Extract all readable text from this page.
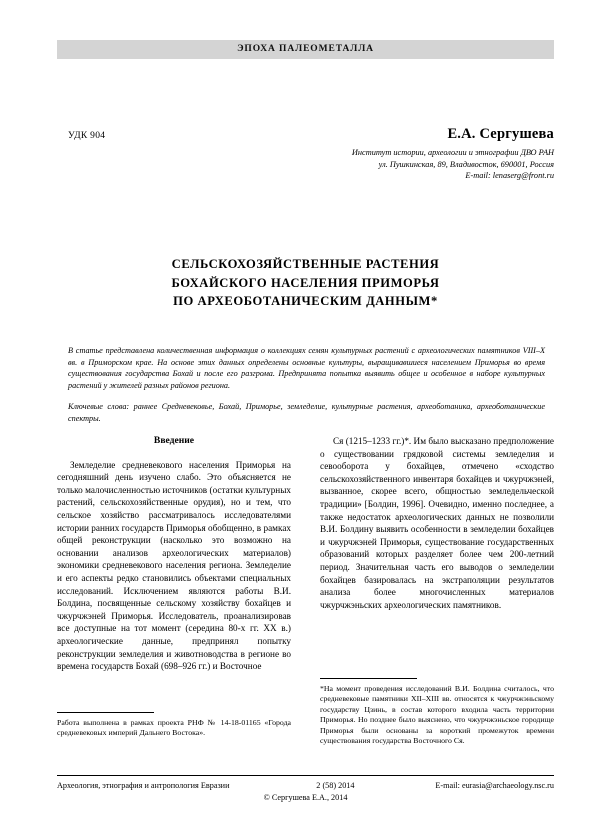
ЭПОХА ПАЛЕОМЕТАЛЛА
УДК 904	Е.А. Сергушева
Институт истории, археологии и этнографии ДВО РАН
ул. Пушкинская, 89, Владивосток, 690001, Россия
E-mail: lenaserg@front.ru
СЕЛЬСКОХОЗЯЙСТВЕННЫЕ РАСТЕНИЯ
БОХАЙСКОГО НАСЕЛЕНИЯ ПРИМОРЬЯ
ПО АРХЕОБОТАНИЧЕСКИМ ДАННЫМ*
В статье представлена количественная информация о коллекциях семян культурных растений с археологических памятников VIII–X вв. в Приморском крае. На основе этих данных определены основные культуры, выращивавшиеся населением Приморья во время существования государства Бохай и после его разгрома. Предпринята попытка выявить общее и особенное в наборе культурных растений у жителей разных районов региона.
Ключевые слова: раннее Средневековье, Бохай, Приморье, земледелие, культурные растения, археоботаника, археоботанические спектры.
Введение

Земледелие средневекового населения Приморья на сегодняшний день изучено слабо. Это объясняется не только малочисленностью источников (остатки культурных растений, сельскохозяйственные орудия), но и тем, что сельское хозяйство рассматривалось исследователями истории ранних государств Приморья обобщенно, в рамках общей реконструкции (насколько это возможно на основании анализов археологических материалов) экономики средневекового населения региона. Земледелие и его аспекты редко становились объектами специальных исследований. Исключением являются работы В.И. Болдина, посвященные сельскому хозяйству бохайцев и чжурчжэней Приморья. Исследователь, проанализировав все доступные на тот момент (середина 80-х гг. XX в.) археологические данные, предпринял попытку реконструкции земледелия и животноводства в регионе во времена государств Бохай (698–926 гг.) и Восточное

Ся (1215–1233 гг.)*. Им было высказано предположение о существовании грядковой системы земледелия и севооборота у бохайцев, отмечено «сходство сельскохозяйственного инвентаря бохайцев и чжурчжэней, вызванное, скорее всего, общностью земледельческой традиции» [Болдин, 1996]. Очевидно, именно последнее, а также недостаток археологических данных не позволили В.И. Болдину выявить особенности в земледелии бохайцев и чжурчжэней Приморья, существование государственных образований которых разделяет более чем 200-летний период. Значительная часть его выводов о земледелии бохайцев базировалась на экстраполяции результатов анализа более многочисленных материалов чжурчжэньских археологических памятников.

*На момент проведения исследований В.И. Болдина считалось, что средневековые памятники XII–XIII вв. относятся к чжурчжэньскому государству Цзинь, в состав которого входила часть территории Приморья. Но позднее было выяснено, что чжурчжэньское городище Приморья были основаны за короткий промежуток времени существования государства Восточного Ся.
Работа выполнена в рамках проекта РНФ № 14-18-01165 «Города средневековых империй Дальнего Востока».
Археология, этнография и антропология Евразии	2 (58) 2014	E-mail: eurasia@archaeology.nsc.ru
© Сергушева Е.А., 2014
